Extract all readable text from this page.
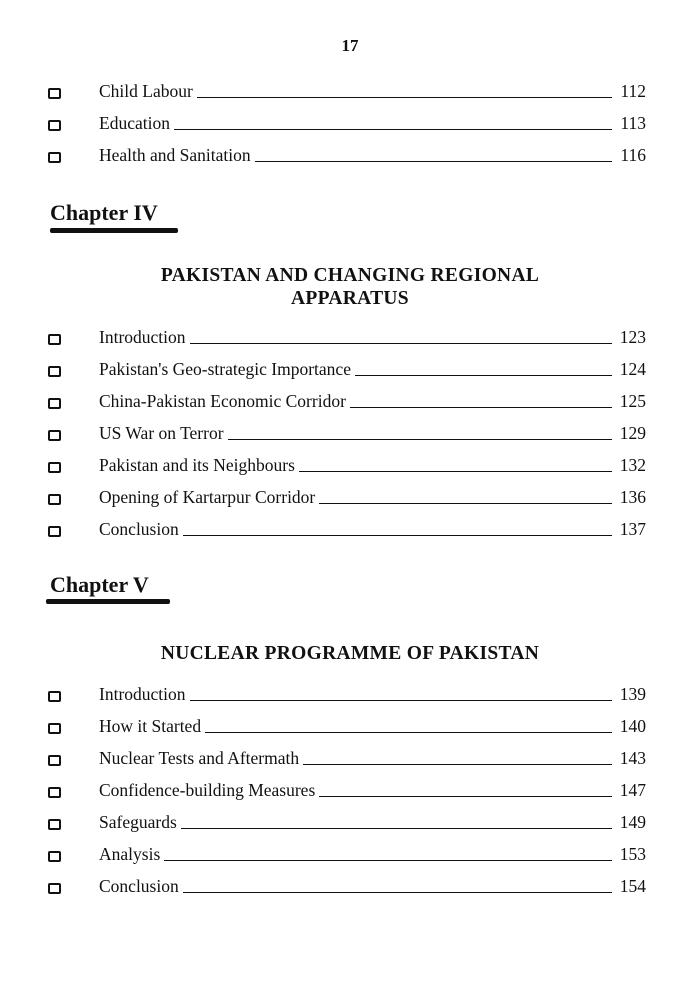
17
Child Labour	112
Education	113
Health and Sanitation	116
Chapter IV
PAKISTAN AND CHANGING REGIONAL
APPARATUS
Introduction	123
Pakistan's Geo-strategic Importance	124
China-Pakistan Economic Corridor	125
US War on Terror	129
Pakistan and its Neighbours	132
Opening of Kartarpur Corridor	136
Conclusion	137
Chapter V
NUCLEAR PROGRAMME OF PAKISTAN
Introduction	139
How it Started	140
Nuclear Tests and Aftermath	143
Confidence-building Measures	147
Safeguards	149
Analysis	153
Conclusion	154
